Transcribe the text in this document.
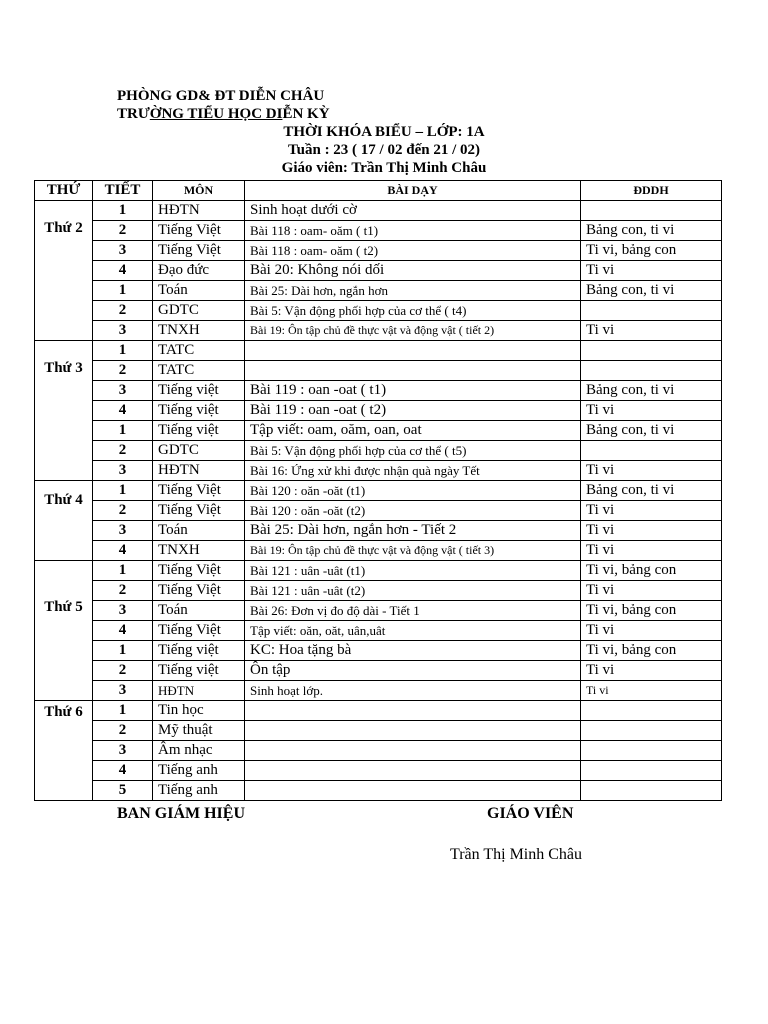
PHÒNG GD& ĐT DIỄN CHÂU
TRƯỜNG TIỂU HỌC DIỄN KỲ
THỜI KHÓA BIỂU – LỚP: 1A
Tuần : 23 ( 17 / 02 đến 21 / 02)
Giáo viên: Trần Thị Minh Châu
THỨ	TIẾT	MÔN	BÀI DẠY	ĐDDH
Thứ 2	1	HĐTN	Sinh hoạt dưới cờ	
	2	Tiếng Việt	Bài 118 : oam- oăm ( t1)	Bảng con, ti vi
	3	Tiếng Việt	Bài 118 : oam- oăm ( t2)	Ti vi, bảng con
	4	Đạo đức	Bài 20: Không nói dối	Ti vi
	1	Toán	Bài 25: Dài hơn, ngắn hơn	Bảng con, ti vi
	2	GDTC	Bài 5: Vận động phối hợp của cơ thể ( t4)	
	3	TNXH	Bài 19: Ôn tập chủ đề thực vật và động vật ( tiết 2)	Ti vi
Thứ 3	1	TATC		
	2	TATC		
	3	Tiếng việt	Bài 119 : oan -oat ( t1)	Bảng con, ti vi
	4	Tiếng việt	Bài 119 : oan -oat ( t2)	Ti vi
	1	Tiếng việt	Tập viết: oam, oăm, oan, oat	Bảng con, ti vi
	2	GDTC	Bài 5: Vận động phối hợp của cơ thể ( t5)	
	3	HĐTN	Bài 16: Ứng xử khi được nhận quà ngày Tết	Ti vi
Thứ 4	1	Tiếng Việt	Bài 120 : oăn -oăt (t1)	Bảng con, ti vi
	2	Tiếng Việt	Bài 120 : oăn -oăt (t2)	Ti vi
	3	Toán	Bài 25: Dài hơn, ngắn hơn - Tiết 2	Ti vi
	4	TNXH	Bài 19: Ôn tập chủ đề thực vật và động vật ( tiết 3)	Ti vi
Thứ 5	1	Tiếng Việt	Bài 121 : uân -uât (t1)	Ti vi, bảng con
	2	Tiếng Việt	Bài 121 : uân -uât (t2)	Ti vi
	3	Toán	Bài 26: Đơn vị đo độ dài - Tiết 1	Ti vi, bảng con
	4	Tiếng Việt	Tập viết: oăn, oăt, uân,uât	Ti vi
	1	Tiếng việt	KC: Hoa tặng bà	Ti vi, bảng con
	2	Tiếng việt	Ôn tập	Ti vi
	3	HĐTN	Sinh hoạt lớp.	Ti vi
Thứ 6	1	Tin học		
	2	Mỹ thuật		
	3	Âm nhạc		
	4	Tiếng anh		
	5	Tiếng anh		
BAN GIÁM HIỆU	GIÁO VIÊN
Trần Thị Minh Châu
